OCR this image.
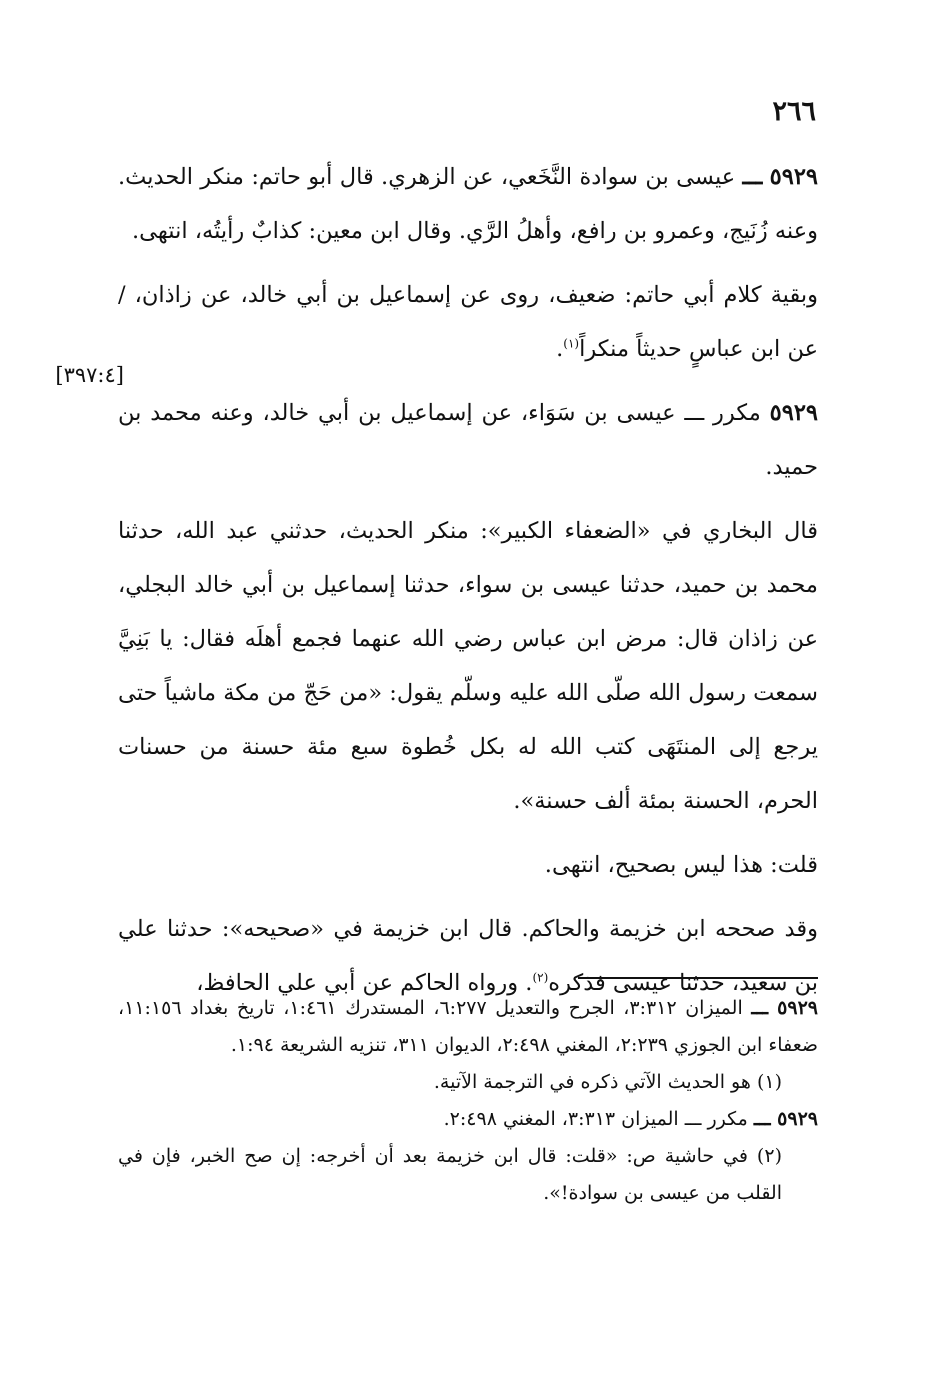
٢٦٦
[٣٩٧:٤]

٥٩٢٩ ـــ عيسى بن سوادة النَّخَعي، عن الزهري. قال أبو حاتم: منكر الحديث. وعنه زُنَيج، وعمرو بن رافع، وأهلُ الرَّي. وقال ابن معين: كذابٌ رأيتُه، انتهى.

وبقية كلام أبي حاتم: ضعيف، روى عن إسماعيل بن أبي خالد، عن زاذان، / عن ابن عباسٍ حديثاً منكراً$^{(١)}$.

٥٩٢٩ مكرر ـــ عيسى بن سَوَاء، عن إسماعيل بن أبي خالد، وعنه محمد بن حميد.

قال البخاري في «الضعفاء الكبير»: منكر الحديث، حدثني عبد الله، حدثنا محمد بن حميد، حدثنا عيسى بن سواء، حدثنا إسماعيل بن أبي خالد البجلي، عن زاذان قال: مرض ابن عباس رضي الله عنهما فجمع أهلَه فقال: يا بَنِيَّ سمعت رسول الله صلّى الله عليه وسلّم يقول: «من حَجّ من مكة ماشياً حتى يرجع إلى المنتَهَى كتب الله له بكل خُطوة سبع مئة حسنة من حسنات الحرم، الحسنة بمئة ألف حسنة».

قلت: هذا ليس بصحيح، انتهى.

وقد صححه ابن خزيمة والحاكم. قال ابن خزيمة في «صحيحه»: حدثنا علي بن سعيد، حدثنا عيسى فذكره$^{(٢)}$. ورواه الحاكم عن أبي علي الحافظ،

٥٩٢٩ ـــ الميزان ٣:٣١٢، الجرح والتعديل ٦:٢٧٧، المستدرك ١:٤٦١، تاريخ بغداد ١١:١٥٦، ضعفاء ابن الجوزي ٢:٢٣٩، المغني ٢:٤٩٨، الديوان ٣١١، تنزيه الشريعة ١:٩٤.

(١) هو الحديث الآتي ذكره في الترجمة الآتية.

٥٩٢٩ ـــ مكرر ـــ الميزان ٣:٣١٣، المغني ٢:٤٩٨.

(٢) في حاشية ص: «قلت: قال ابن خزيمة بعد أن أخرجه: إن صح الخبر، فإن في القلب من عيسى بن سوادة!».
